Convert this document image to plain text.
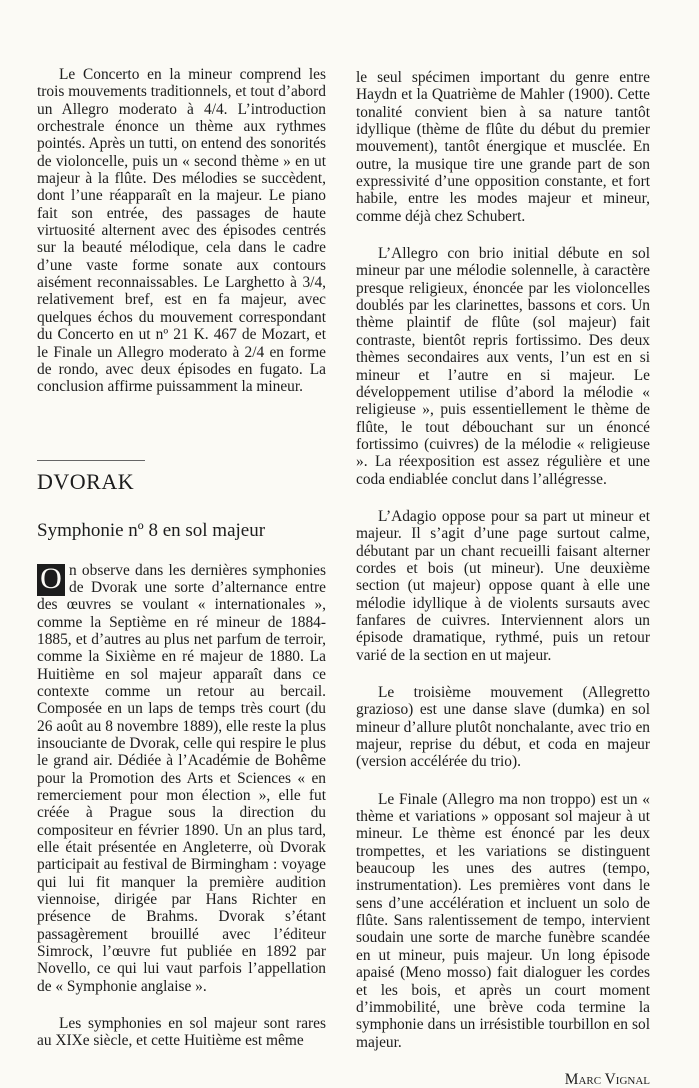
Le Concerto en la mineur comprend les trois mouvements traditionnels, et tout d’abord un Allegro moderato à 4/4. L’introduction orchestrale énonce un thème aux rythmes pointés. Après un tutti, on entend des sonorités de violoncelle, puis un « second thème » en ut majeur à la flûte. Des mélodies se succèdent, dont l’une réapparaît en la majeur. Le piano fait son entrée, des passages de haute virtuosité alternent avec des épisodes centrés sur la beauté mélodique, cela dans le cadre d’une vaste forme sonate aux contours aisément reconnaissables. Le Larghetto à 3/4, relativement bref, est en fa majeur, avec quelques échos du mouvement correspondant du Concerto en ut nº 21 K. 467 de Mozart, et le Finale un Allegro moderato à 2/4 en forme de rondo, avec deux épisodes en fugato. La conclusion affirme puissamment la mineur.

DVORAK
Symphonie nº 8 en sol majeur

O n observe dans les dernières symphonies de Dvorak une sorte d’alternance entre des œuvres se voulant « internationales », comme la Septième en ré mineur de 1884-1885, et d’autres au plus net parfum de terroir, comme la Sixième en ré majeur de 1880. La Huitième en sol majeur apparaît dans ce contexte comme un retour au bercail. Composée en un laps de temps très court (du 26 août au 8 novembre 1889), elle reste la plus insouciante de Dvorak, celle qui respire le plus le grand air. Dédiée à l’Académie de Bohême pour la Promotion des Arts et Sciences « en remerciement pour mon élection », elle fut créée à Prague sous la direction du compositeur en février 1890. Un an plus tard, elle était présentée en Angleterre, où Dvorak participait au festival de Birmingham : voyage qui lui fit manquer la première audition viennoise, dirigée par Hans Richter en présence de Brahms. Dvorak s’étant passagèrement brouillé avec l’éditeur Simrock, l’œuvre fut publiée en 1892 par Novello, ce qui lui vaut parfois l’appellation de « Symphonie anglaise ».

Les symphonies en sol majeur sont rares au XIXe siècle, et cette Huitième est même

le seul spécimen important du genre entre Haydn et la Quatrième de Mahler (1900). Cette tonalité convient bien à sa nature tantôt idyllique (thème de flûte du début du premier mouvement), tantôt énergique et musclée. En outre, la musique tire une grande part de son expressivité d’une opposition constante, et fort habile, entre les modes majeur et mineur, comme déjà chez Schubert.

L’Allegro con brio initial débute en sol mineur par une mélodie solennelle, à caractère presque religieux, énoncée par les violoncelles doublés par les clarinettes, bassons et cors. Un thème plaintif de flûte (sol majeur) fait contraste, bientôt repris fortissimo. Des deux thèmes secondaires aux vents, l’un est en si mineur et l’autre en si majeur. Le développement utilise d’abord la mélodie « religieuse », puis essentiellement le thème de flûte, le tout débouchant sur un énoncé fortissimo (cuivres) de la mélodie « religieuse ». La réexposition est assez régulière et une coda endiablée conclut dans l’allégresse.

L’Adagio oppose pour sa part ut mineur et majeur. Il s’agit d’une page surtout calme, débutant par un chant recueilli faisant alterner cordes et bois (ut mineur). Une deuxième section (ut majeur) oppose quant à elle une mélodie idyllique à de violents sursauts avec fanfares de cuivres. Interviennent alors un épisode dramatique, rythmé, puis un retour varié de la section en ut majeur.

Le troisième mouvement (Allegretto grazioso) est une danse slave (dumka) en sol mineur d’allure plutôt nonchalante, avec trio en majeur, reprise du début, et coda en majeur (version accélérée du trio).

Le Finale (Allegro ma non troppo) est un « thème et variations » opposant sol majeur à ut mineur. Le thème est énoncé par les deux trompettes, et les variations se distinguent beaucoup les unes des autres (tempo, instrumentation). Les premières vont dans le sens d’une accélération et incluent un solo de flûte. Sans ralentissement de tempo, intervient soudain une sorte de marche funèbre scandée en ut mineur, puis majeur. Un long épisode apaisé (Meno mosso) fait dialoguer les cordes et les bois, et après un court moment d’immobilité, une brève coda termine la symphonie dans un irrésistible tourbillon en sol majeur.

Marc Vignal
